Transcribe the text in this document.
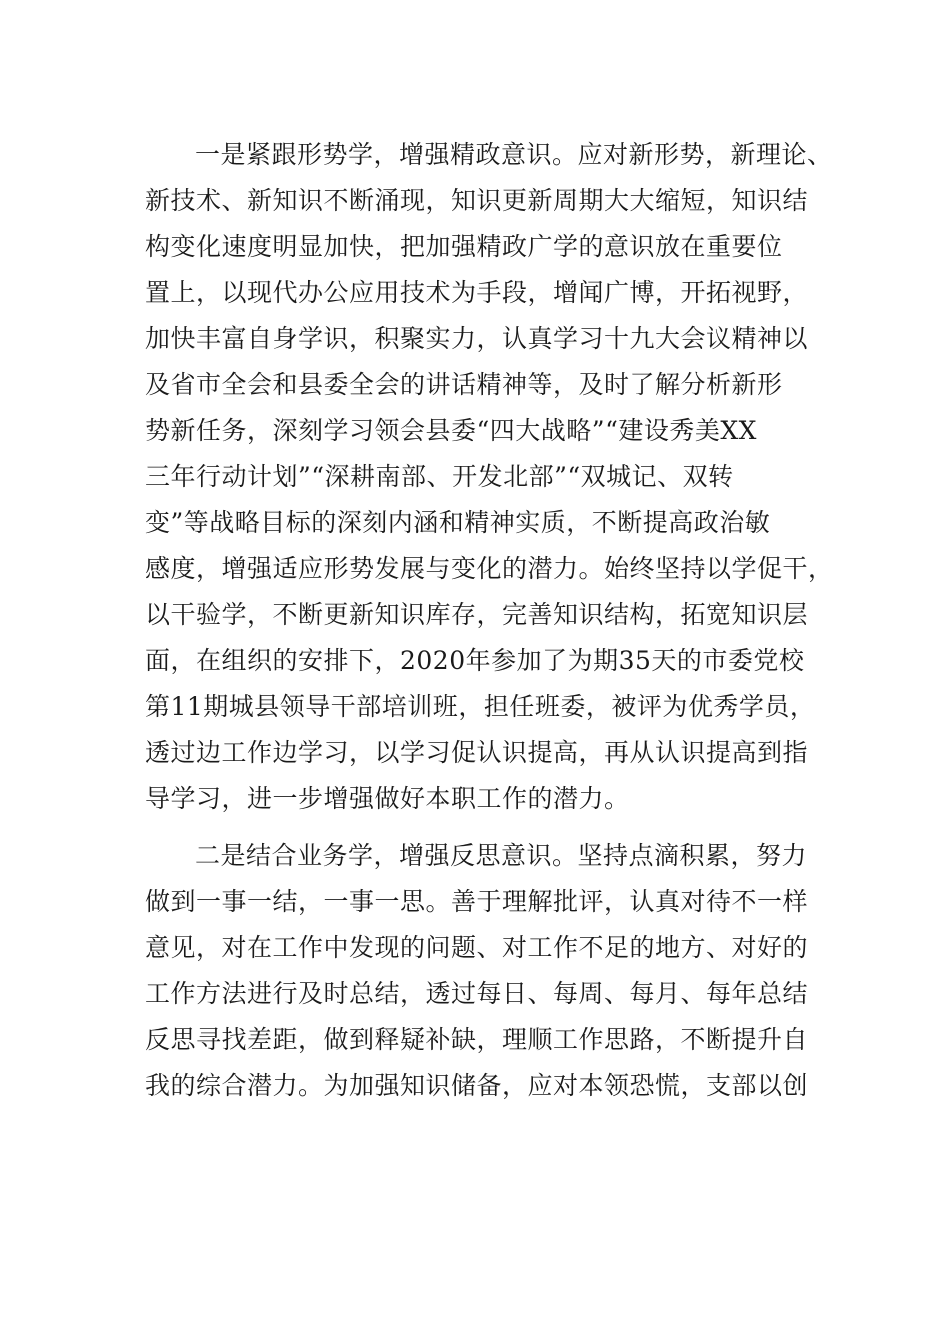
一是紧跟形势学，增强精政意识。应对新形势，新理论、
新技术、新知识不断涌现，知识更新周期大大缩短，知识结
构变化速度明显加快，把加强精政广学的意识放在重要位
置上，以现代办公应用技术为手段，增闻广博，开拓视野，
加快丰富自身学识，积聚实力，认真学习十九大会议精神以
及省市全会和县委全会的讲话精神等，及时了解分析新形
势新任务，深刻学习领会县委“四大战略”“建设秀美XX
三年行动计划”“深耕南部、开发北部”“双城记、双转
变”等战略目标的深刻内涵和精神实质，不断提高政治敏
感度，增强适应形势发展与变化的潜力。始终坚持以学促干，
以干验学，不断更新知识库存，完善知识结构，拓宽知识层
面，在组织的安排下，2020年参加了为期35天的市委党校
第11期城县领导干部培训班，担任班委，被评为优秀学员，
透过边工作边学习，以学习促认识提高，再从认识提高到指
导学习，进一步增强做好本职工作的潜力。
二是结合业务学，增强反思意识。坚持点滴积累，努力
做到一事一结，一事一思。善于理解批评，认真对待不一样
意见，对在工作中发现的问题、对工作不足的地方、对好的
工作方法进行及时总结，透过每日、每周、每月、每年总结
反思寻找差距，做到释疑补缺，理顺工作思路，不断提升自
我的综合潜力。为加强知识储备，应对本领恐慌，支部以创
